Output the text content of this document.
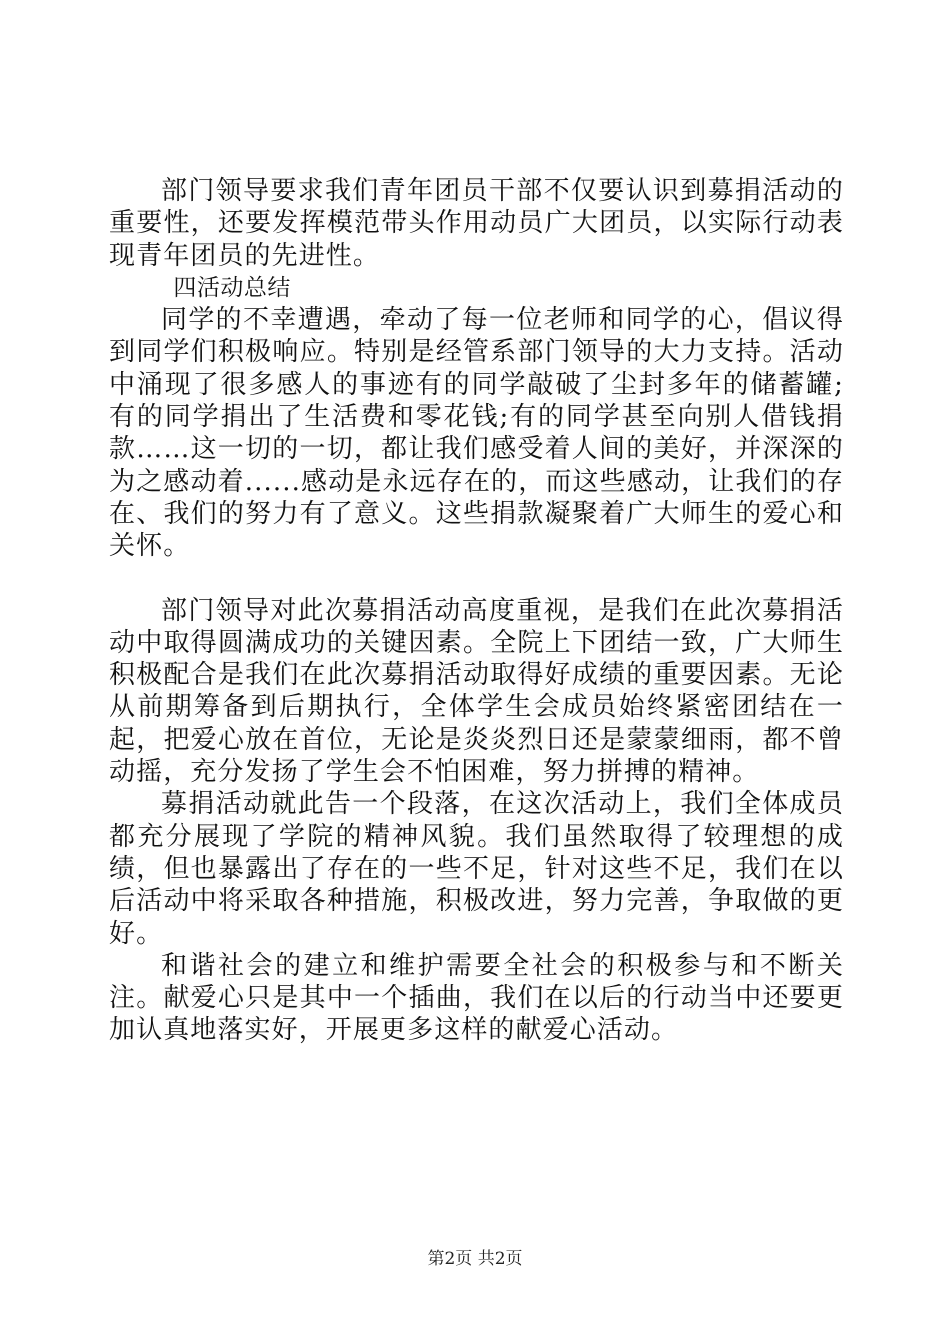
部门领导要求我们青年团员干部不仅要认识到募捐活动的重要性，还要发挥模范带头作用动员广大团员，以实际行动表现青年团员的先进性。

四活动总结

同学的不幸遭遇，牵动了每一位老师和同学的心，倡议得到同学们积极响应。特别是经管系部门领导的大力支持。活动中涌现了很多感人的事迹有的同学敲破了尘封多年的储蓄罐;有的同学捐出了生活费和零花钱;有的同学甚至向别人借钱捐款……这一切的一切，都让我们感受着人间的美好，并深深的为之感动着......感动是永远存在的，而这些感动，让我们的存在、我们的努力有了意义。这些捐款凝聚着广大师生的爱心和关怀。

部门领导对此次募捐活动高度重视，是我们在此次募捐活动中取得圆满成功的关键因素。全院上下团结一致，广大师生积极配合是我们在此次募捐活动取得好成绩的重要因素。无论从前期筹备到后期执行，全体学生会成员始终紧密团结在一起，把爱心放在首位，无论是炎炎烈日还是蒙蒙细雨，都不曾动摇，充分发扬了学生会不怕困难，努力拼搏的精神。

募捐活动就此告一个段落，在这次活动上，我们全体成员都充分展现了学院的精神风貌。我们虽然取得了较理想的成绩，但也暴露出了存在的一些不足，针对这些不足，我们在以后活动中将采取各种措施，积极改进，努力完善，争取做的更好。

和谐社会的建立和维护需要全社会的积极参与和不断关注。献爱心只是其中一个插曲，我们在以后的行动当中还要更加认真地落实好，开展更多这样的献爱心活动。

第2页 共2页
